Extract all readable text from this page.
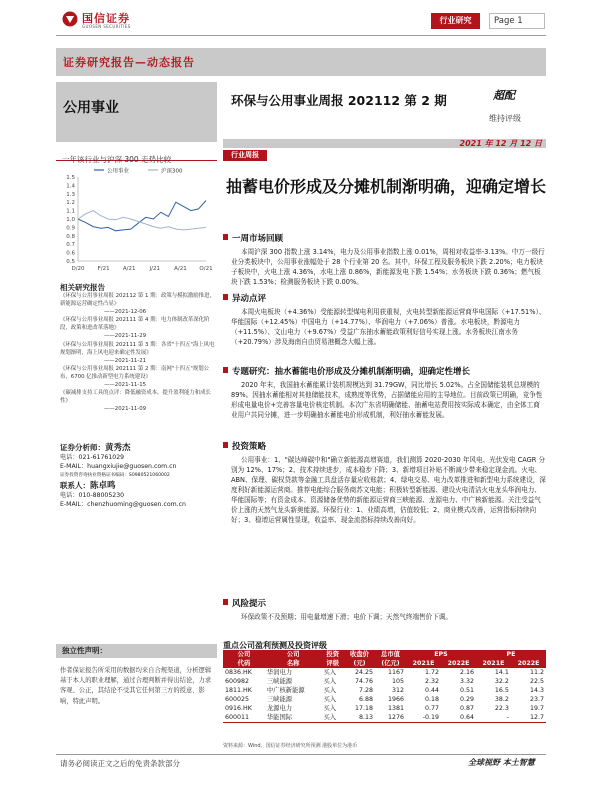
国信证券
GUOSEN SECURITIES
行业研究	Page 1
证券研究报告—动态报告
公用事业	环保与公用事业周报 202112 第 2 期	超配
维持评级
2021 年 12 月 12 日
一年该行业与沪深 300 走势比较
公用事业	沪深300
1.5
1.4
1.3
1.2
1.1
1.0
0.9
0.8
0.7
0.6
0.5
D/20 F/21 A/21	J/21	A/21 O/21
相关研究报告
《环保与公用事业周报 202112 第 1 期：政策与模拟激励推进，新能源运营确定性凸显》
——2021-12-06
《环保与公用事业周报 202111 第 4 期：电力体制改革深化阶段，政策和进改革落地》
——2021-11-29
《环保与公用事业周报 202111 第 3 期：各省"十四五"海上风电规划渐明，海上风电迎来确定性发展》
——2021-11-21
《环保与公用事业周报 202111 第 2 期：南网"十四五"规划公布，6700 亿推动新型电力系统建设》
——2021-11-15
《碳减排支持工具的点评：降低融资成本，提升盈利能力和成长性》
——2021-11-09
证券分析师：黄秀杰
电话：021-61761029
E-MAIL：huangxiujie@guosen.com.cn
证券投资咨询执业资格证书编码：S0980521060002
联系人：陈卓鸣
电话：010-88005230
E-MAIL：chenzhuoming@guosen.com.cn
独立性声明：
作者保证报告所采用的数据均来自合规渠道，分析逻辑基于本人的职业理解，通过合理判断并得出结论，力求客观、公正，其结论不受其它任何第三方的授意、影响，特此声明。
行业周报
抽蓄电价形成及分摊机制渐明确，迎确定增长
一周市场回顾
本周沪深 300 指数上涨 3.14%，电力及公用事业指数上涨 0.01%，周相对收益率-3.13%。中万一级行业分类板块中，公用事业涨幅处于 28 个行业第 20 名。其中，环保工程及服务板块下跌 2.20%；电力板块子板块中，火电上涨 4.36%，水电上涨 0.86%，新能源发电下跌 1.54%；水务板块下跌 0.36%；燃气板块下跌 1.53%；检测服务板块下跌 0.00%。
异动点评
本周火电板块（+4.36%）受能源转型煤电利用获重视，火电转型新能源运营商华电国际（+17.51%）、华能国际（+12.45%）中国电力（+14.77%）、华润电力（+7.06%）普涨。水电板块，黔源电力（+11.5%）、文山电力（+9.67%）受益广东抽水蓄能政策利好信号实现上涨。水务板块江南水务（+20.79%）涉及海南自由贸易港概念大幅上涨。
专题研究：抽水蓄能电价形成及分摊机制渐明确，迎确定性增长
2020 年末，我国抽水蓄能累计装机规模达到 31.79GW，同比增长 5.02%。占全国储能装机总规模的 89%。因抽水蓄能相对其他储能技术，成熟度等优势，占据储能应用的主导地位。目前政策已明确，竞争性形成电量电价+完善容量电价核定机制。本次广东省明确储能、抽蓄电站费用按实际成本确定，由全体工商业用户共同分摊，进一步明确抽水蓄能电价形成机制，利好抽水蓄能发展。
投资策略
公用事业：1、"碳达峰碳中和"确立新能源高增赛道，我们测算 2020-2030 年风电、光伏发电 CAGR 分别为 12%、17%；2、技术持续进步，成本稳步下降；3、新增项目补贴不断减少带来稳定现金流。火电、ABN、保理、碳权贷款等金融工具盘活存量应收账款；4、绿电交易、电力改革推进和新型电力系统建设，深度利好新能源运营商。推荐电能综合服务商苏文电能；积极转型新能源、建设火电清洁火电龙头华润电力、华能国际等；有资金成本、资源储备优势的新能源运营商三峡能源、龙源电力、中广核新能源。关注受益气价上涨的天然气龙头新奥能源。环保行业：1、业绩高增，估值较低；2、商业模式改善，运营指标持续向好；3、稳增运营属性显现，收益率、现金流指标持续改善向好。
风险提示
环保政策不及预期；用电量增速下滑；电价下调；天然气终端售价下调。
重点公司盈利预测及投资评级
公司	公司	投资	收盘价	总市值	EPS		PE	
代码	名称	评级	(元)	(亿元)	2021E	2022E	2021E	2022E
0836.HK	华润电力	买入	24.25	1167	1.72	2.16	14.1	11.2
600982	三峡能源	买入	74.76	105	2.32	3.32	32.2	22.5
1811.HK	中广核新能源	买入	7.28	312	0.44	0.51	16.5	14.3
600025	三峡能源	买入	6.88	1966	0.18	0.29	38.2	23.7
0916.HK	龙源电力	买入	17.18	1381	0.77	0.87	22.3	19.7
600011	华能国际	买入	8.13	1276	-0.19	0.64	-	12.7
资料来源：Wind、国信证券经济研究所预测 港股单位为港币
请务必阅读正文之后的免责条款部分	全球视野 本土智慧
